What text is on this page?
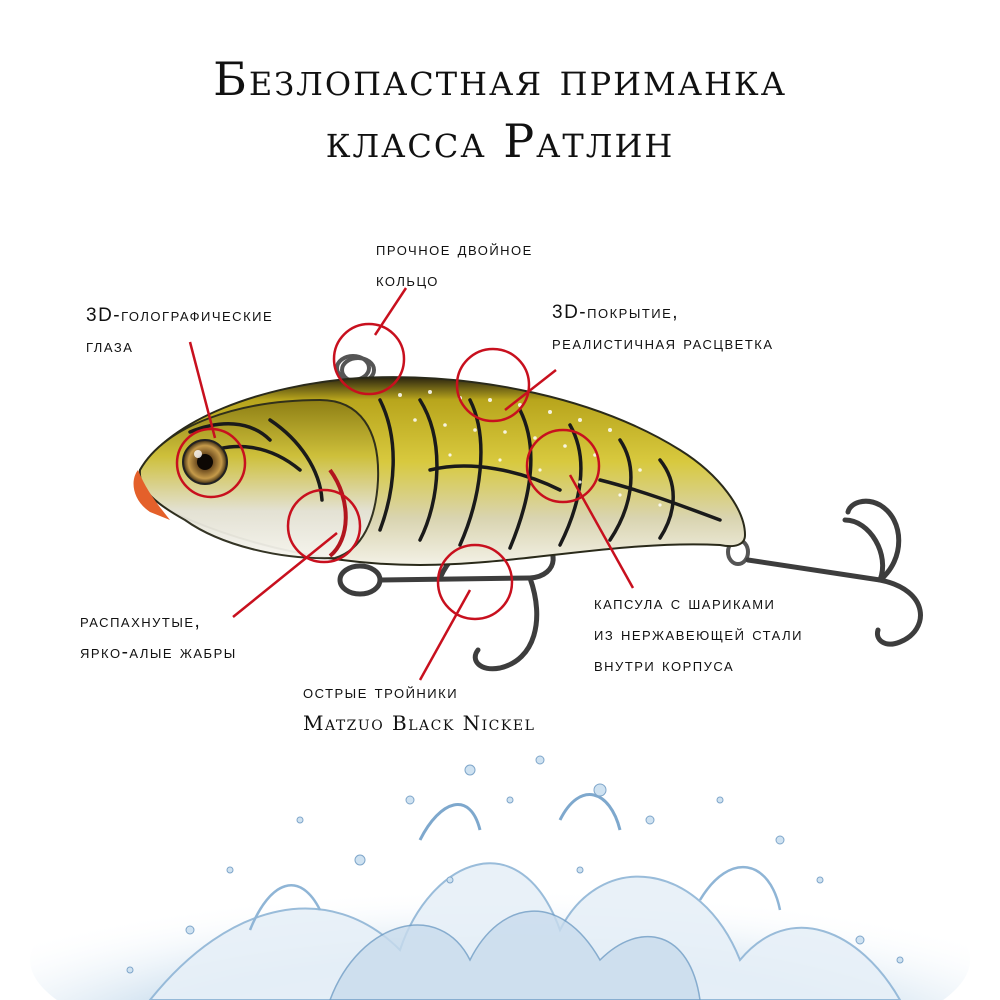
Безлопастная приманка
класса Ратлин
прочное двойное
кольцо
3D-голографические
глаза
3D-покрытие,
реалистичная расцветка
распахнутые,
ярко-алые жабры
капсула с шариками
из нержавеющей стали
внутри корпуса
острые тройники
Matzuo Black Nickel
